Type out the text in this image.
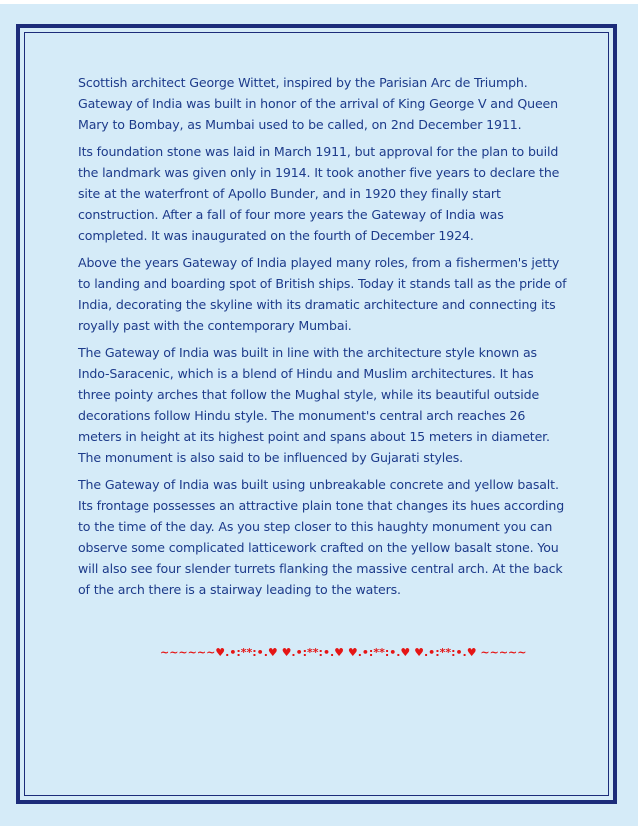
Scottish architect George Wittet, inspired by the Parisian Arc de Triumph. Gateway of India was built in honor of the arrival of King George V and Queen Mary to Bombay, as Mumbai used to be called, on 2nd December 1911.

Its foundation stone was laid in March 1911, but approval for the plan to build the landmark was given only in 1914. It took another five years to declare the site at the waterfront of Apollo Bunder, and in 1920 they finally start construction. After a fall of four more years the Gateway of India was completed. It was inaugurated on the fourth of December 1924.

Above the years Gateway of India played many roles, from a fishermen's jetty to landing and boarding spot of British ships. Today it stands tall as the pride of India, decorating the skyline with its dramatic architecture and connecting its royally past with the contemporary Mumbai.

The Gateway of India was built in line with the architecture style known as Indo-Saracenic, which is a blend of Hindu and Muslim architectures. It has three pointy arches that follow the Mughal style, while its beautiful outside decorations follow Hindu style. The monument's central arch reaches 26 meters in height at its highest point and spans about 15 meters in diameter. The monument is also said to be influenced by Gujarati styles.

The Gateway of India was built using unbreakable concrete and yellow basalt. Its frontage possesses an attractive plain tone that changes its hues according to the time of the day. As you step closer to this haughty monument you can observe some complicated latticework crafted on the yellow basalt stone. You will also see four slender turrets flanking the massive central arch. At the back of the arch there is a stairway leading to the waters.

~~~~~~♥.•:**:•.♥ ♥.•:**:•.♥ ♥.•:**:•.♥ ♥.•:**:•.♥ ~~~~~
